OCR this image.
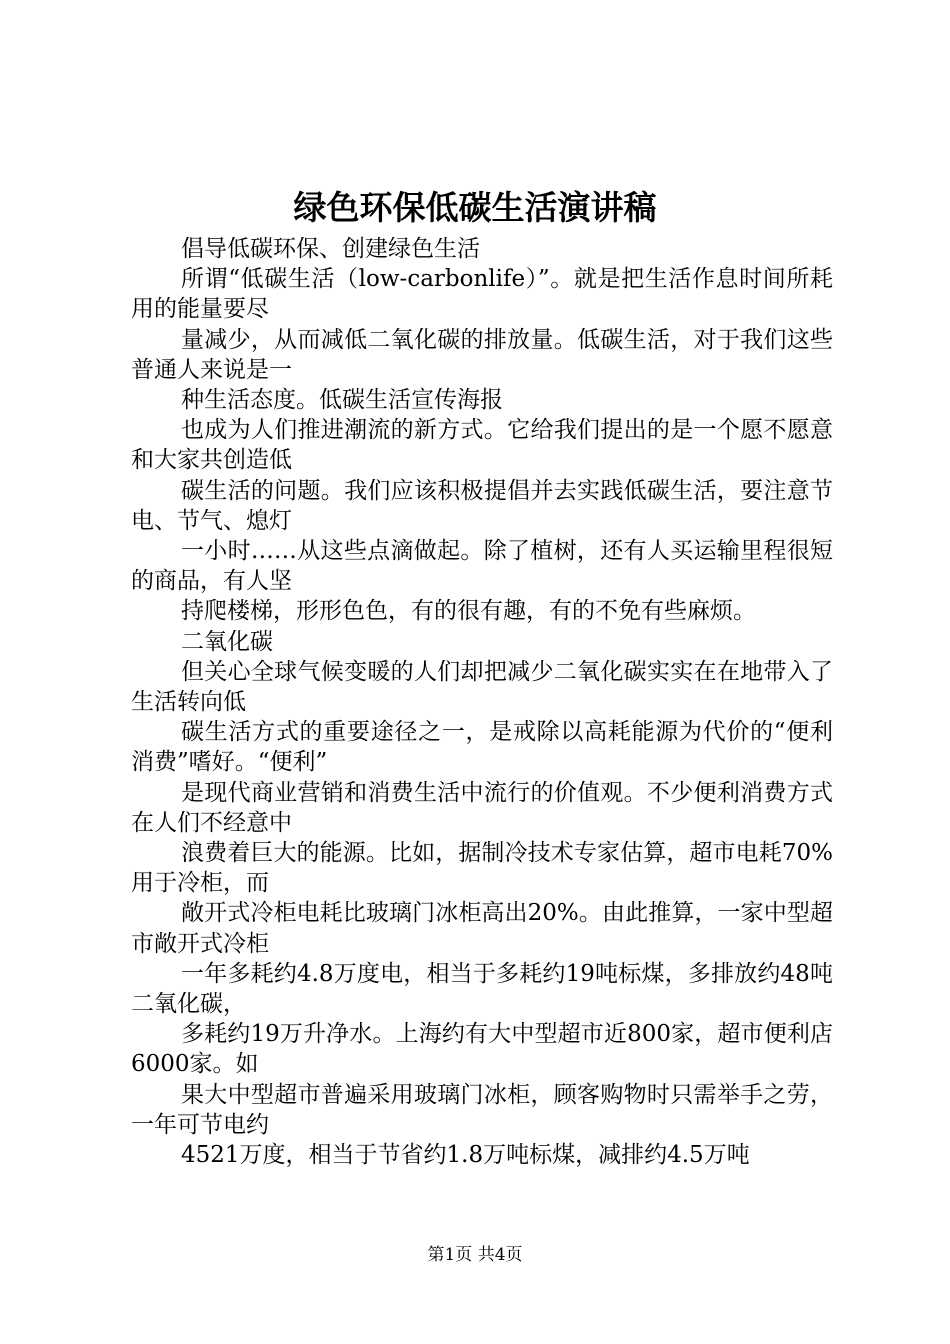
绿色环保低碳生活演讲稿

倡导低碳环保、创建绿色生活

所谓“低碳生活（low-carbonlife）”。就是把生活作息时间所耗用的能量要尽

量减少，从而减低二氧化碳的排放量。低碳生活，对于我们这些普通人来说是一

种生活态度。低碳生活宣传海报

也成为人们推进潮流的新方式。它给我们提出的是一个愿不愿意和大家共创造低

碳生活的问题。我们应该积极提倡并去实践低碳生活，要注意节电、节气、熄灯

一小时……从这些点滴做起。除了植树，还有人买运输里程很短的商品，有人坚

持爬楼梯，形形色色，有的很有趣，有的不免有些麻烦。

二氧化碳

但关心全球气候变暖的人们却把减少二氧化碳实实在在地带入了生活转向低

碳生活方式的重要途径之一，是戒除以高耗能源为代价的“便利消费”嗜好。“便利”

是现代商业营销和消费生活中流行的价值观。不少便利消费方式在人们不经意中

浪费着巨大的能源。比如，据制冷技术专家估算，超市电耗70%用于冷柜，而

敞开式冷柜电耗比玻璃门冰柜高出20%。由此推算，一家中型超市敞开式冷柜

一年多耗约4.8万度电，相当于多耗约19吨标煤，多排放约48吨二氧化碳，

多耗约19万升净水。上海约有大中型超市近800家，超市便利店6000家。如

果大中型超市普遍采用玻璃门冰柜，顾客购物时只需举手之劳，一年可节电约

4521万度，相当于节省约1.8万吨标煤，减排约4.5万吨

第1页 共4页
